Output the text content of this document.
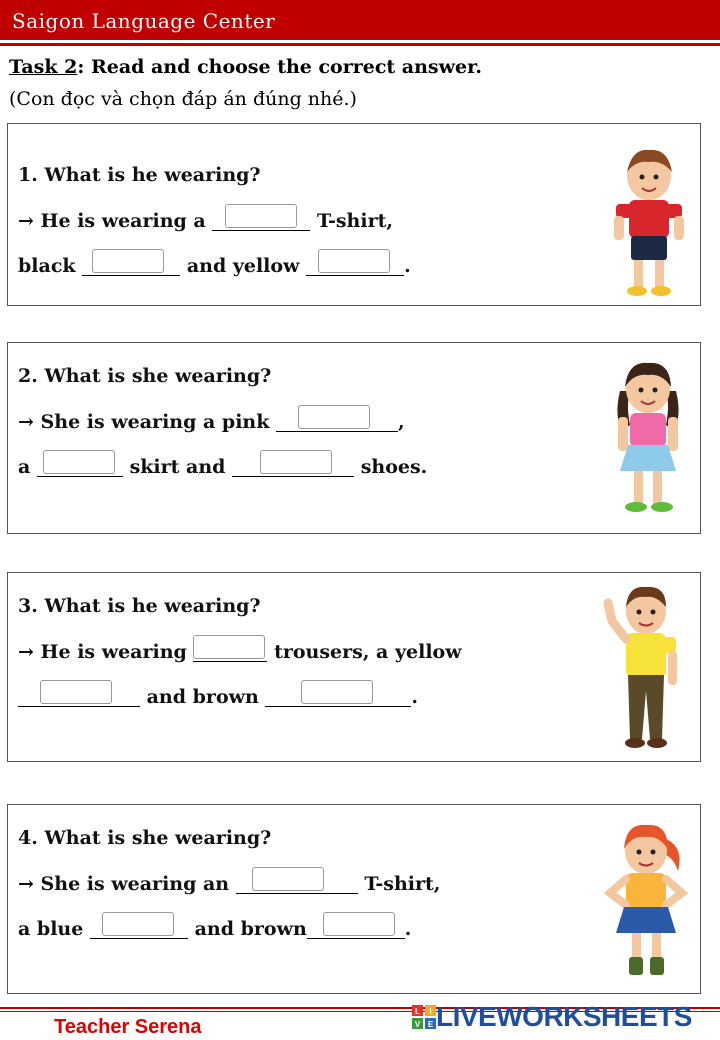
Saigon Language Center
Task 2: Read and choose the correct answer.
(Con đọc và chọn đáp án đúng nhé.)
1. What is he wearing?
→ He is wearing a	T-shirt,
black	and yellow	.
2. What is she wearing?
→ She is wearing a pink	,
a	skirt and	shoes.
3. What is he wearing?
→ He is wearing	trousers, a yellow
and brown	.
4. What is she wearing?
→ She is wearing an	T-shirt,
a blue	and brown	.
Teacher Serena
L I
V E LIVEWORKSHEETS
